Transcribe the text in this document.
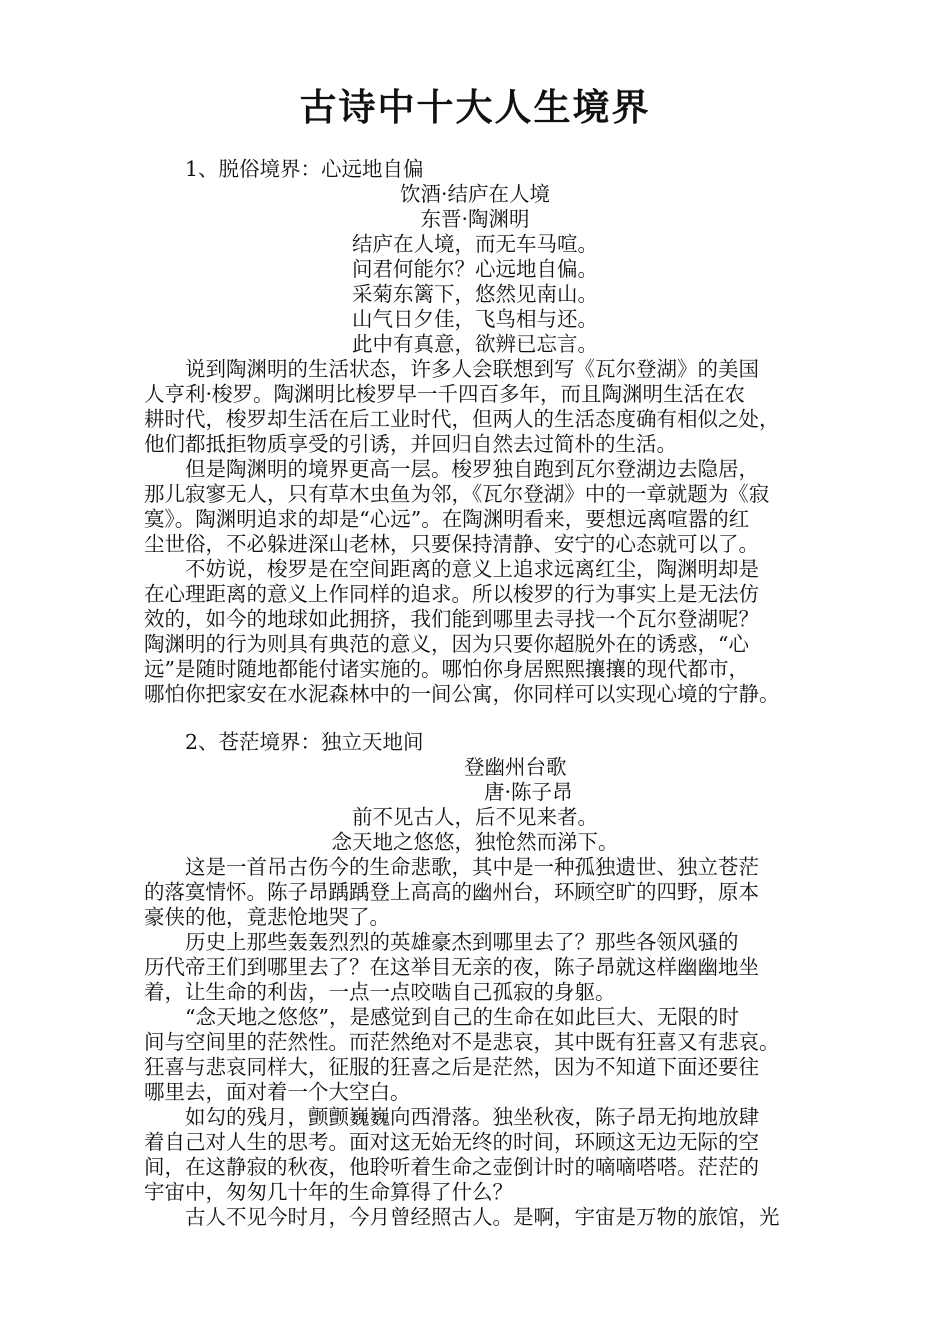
古诗中十大人生境界
1、脱俗境界：心远地自偏
饮酒·结庐在人境
东晋·陶渊明
结庐在人境，而无车马喧。
问君何能尔？心远地自偏。
采菊东篱下，悠然见南山。
山气日夕佳，飞鸟相与还。
此中有真意，欲辨已忘言。
　　说到陶渊明的生活状态，许多人会联想到写《瓦尔登湖》的美国
人亨利·梭罗。陶渊明比梭罗早一千四百多年，而且陶渊明生活在农
耕时代，梭罗却生活在后工业时代，但两人的生活态度确有相似之处，
他们都抵拒物质享受的引诱，并回归自然去过简朴的生活。
　　但是陶渊明的境界更高一层。梭罗独自跑到瓦尔登湖边去隐居，
那儿寂寥无人，只有草木虫鱼为邻，《瓦尔登湖》中的一章就题为《寂
寞》。陶渊明追求的却是“心远”。在陶渊明看来，要想远离喧嚣的红
尘世俗，不必躲进深山老林，只要保持清静、安宁的心态就可以了。
　　不妨说，梭罗是在空间距离的意义上追求远离红尘，陶渊明却是
在心理距离的意义上作同样的追求。所以梭罗的行为事实上是无法仿
效的，如今的地球如此拥挤，我们能到哪里去寻找一个瓦尔登湖呢？
陶渊明的行为则具有典范的意义，因为只要你超脱外在的诱惑，“心
远”是随时随地都能付诸实施的。哪怕你身居熙熙攘攘的现代都市，
哪怕你把家安在水泥森林中的一间公寓，你同样可以实现心境的宁静。
2、苍茫境界：独立天地间
登幽州台歌
唐·陈子昂
前不见古人，后不见来者。
念天地之悠悠，独怆然而涕下。
　　这是一首吊古伤今的生命悲歌，其中是一种孤独遗世、独立苍茫
的落寞情怀。陈子昂踽踽登上高高的幽州台，环顾空旷的四野，原本
豪侠的他，竟悲怆地哭了。
　　历史上那些轰轰烈烈的英雄豪杰到哪里去了？那些各领风骚的
历代帝王们到哪里去了？在这举目无亲的夜，陈子昂就这样幽幽地坐
着，让生命的利齿，一点一点咬啮自己孤寂的身躯。
　　“念天地之悠悠”，是感觉到自己的生命在如此巨大、无限的时
间与空间里的茫然性。而茫然绝对不是悲哀，其中既有狂喜又有悲哀。
狂喜与悲哀同样大，征服的狂喜之后是茫然，因为不知道下面还要往
哪里去，面对着一个大空白。
　　如勾的残月，颤颤巍巍向西滑落。独坐秋夜，陈子昂无拘地放肆
着自己对人生的思考。面对这无始无终的时间，环顾这无边无际的空
间，在这静寂的秋夜，他聆听着生命之壶倒计时的嘀嘀嗒嗒。茫茫的
宇宙中，匆匆几十年的生命算得了什么？
　　古人不见今时月，今月曾经照古人。是啊，宇宙是万物的旅馆，光
